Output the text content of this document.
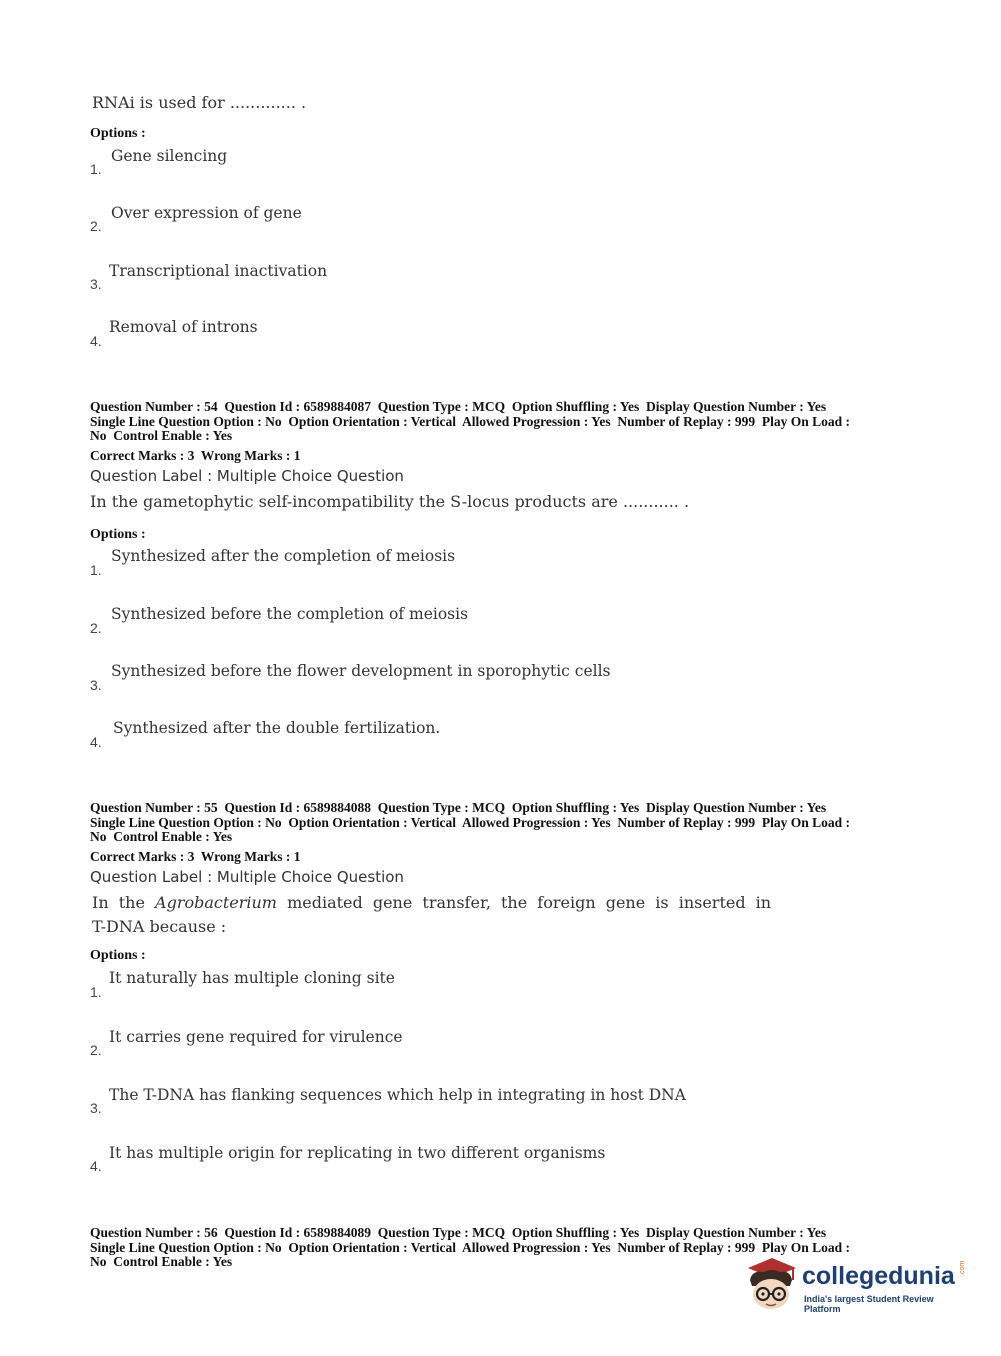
RNAi is used for ............. .
Options :
1.
Gene silencing
2.
Over expression of gene
3.
Transcriptional inactivation
4.
Removal of introns
Question Number : 54  Question Id : 6589884087  Question Type : MCQ  Option Shuffling : Yes  Display Question Number : Yes
Single Line Question Option : No  Option Orientation : Vertical  Allowed Progression : Yes  Number of Replay : 999  Play On Load :
No  Control Enable : Yes
Correct Marks : 3  Wrong Marks : 1
Question Label : Multiple Choice Question
In the gametophytic self-incompatibility the S-locus products are ........... .
Options :
1.
Synthesized after the completion of meiosis
2.
Synthesized before the completion of meiosis
3.
Synthesized before the flower development in sporophytic cells
4.
Synthesized after the double fertilization.
Question Number : 55  Question Id : 6589884088  Question Type : MCQ  Option Shuffling : Yes  Display Question Number : Yes
Single Line Question Option : No  Option Orientation : Vertical  Allowed Progression : Yes  Number of Replay : 999  Play On Load :
No  Control Enable : Yes
Correct Marks : 3  Wrong Marks : 1
Question Label : Multiple Choice Question
In the Agrobacterium mediated gene transfer, the foreign gene is inserted in
T-DNA because :
Options :
1.
It naturally has multiple cloning site
2.
It carries gene required for virulence
3.
The T-DNA has flanking sequences which help in integrating in host DNA
4.
It has multiple origin for replicating in two different organisms
Question Number : 56  Question Id : 6589884089  Question Type : MCQ  Option Shuffling : Yes  Display Question Number : Yes
Single Line Question Option : No  Option Orientation : Vertical  Allowed Progression : Yes  Number of Replay : 999  Play On Load :
No  Control Enable : Yes
collegedunia .com
India's largest Student Review Platform
